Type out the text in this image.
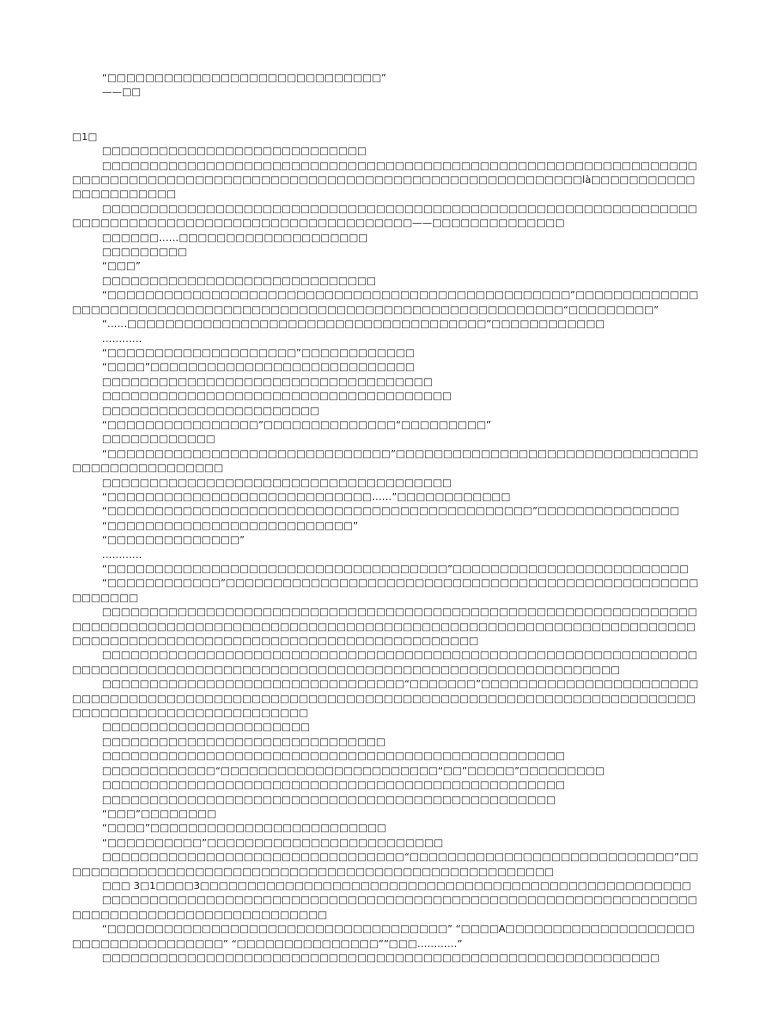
“□□□□□□□□□□□□□□□□□□□□□□□□□□□□□”

——□□

□1□

□□□□□□□□□□□□□□□□□□□□□□□□□□□□

□□□□□□□□□□□□□□□□□□□□□□□□□□□□□□□□□□□□□□□□□□□□□□□□□□□□□□□□□□□□□□□□□□□□□□□□□□□□□□□□□□□□□□□□□□□□□□□□□□□□□□□□□□□□□□□□□□□□□là□□□□□□□□□□□□□□□□□□□□□□

□□□□□□□□□□□□□□□□□□□□□□□□□□□□□□□□□□□□□□□□□□□□□□□□□□□□□□□□□□□□□□□□□□□□□□□□□□□□□□□□□□□□□□□□□□□□□□□□□□□——□□□□□□□□□□□□□□

□□□□□□……□□□□□□□□□□□□□□□□□□□□

□□□□□□□□□

“□□□”

□□□□□□□□□□□□□□□□□□□□□□□□□□□□□

“□□□□□□□□□□□□□□□□□□□□□□□□□□□□□□□□□□□□□□□□□□□□□□□□□”□□□□□□□□□□□□□□□□□□□□□□□□□□□□□□□□□□□□□□□□□□□□□□□□□□□□□□□□□□□□□□□□□“□□□□□□□□□”

“……□□□□□□□□□□□□□□□□□□□□□□□□□□□□□□□□□□□□□□”□□□□□□□□□□□□

…………

“□□□□□□□□□□□□□□□□□□□□”□□□□□□□□□□□□

“□□□□”□□□□□□□□□□□□□□□□□□□□□□□□□□□□

□□□□□□□□□□□□□□□□□□□□□□□□□□□□□□□□□□□

□□□□□□□□□□□□□□□□□□□□□□□□□□□□□□□□□□□□□

□□□□□□□□□□□□□□□□□□□□□□□

“□□□□□□□□□□□□□□□□”□□□□□□□□□□□□□□“□□□□□□□□□”

□□□□□□□□□□□□

“□□□□□□□□□□□□□□□□□□□□□□□□□□□□□□”□□□□□□□□□□□□□□□□□□□□□□□□□□□□□□□□□□□□□□□□□□□□□□□□

□□□□□□□□□□□□□□□□□□□□□□□□□□□□□□□□□□□□□

“□□□□□□□□□□□□□□□□□□□□□□□□□□□□……”□□□□□□□□□□□□

“□□□□□□□□□□□□□□□□□□□□□□□□□□□□□□□□□□□□□□□□□□□□□”□□□□□□□□□□□□□□□

“□□□□□□□□□□□□□□□□□□□□□□□□□□”

“□□□□□□□□□□□□□□”

…………

“□□□□□□□□□□□□□□□□□□□□□□□□□□□□□□□□□□□□”□□□□□□□□□□□□□□□□□□□□□□□□□

“□□□□□□□□□□□□”□□□□□□□□□□□□□□□□□□□□□□□□□□□□□□□□□□□□□□□□□□□□□□□□□□□□□□□□□

□□□□□□□□□□□□□□□□□□□□□□□□□□□□□□□□□□□□□□□□□□□□□□□□□□□□□□□□□□□□□□□□□□□□□□□□□□□□□□□□□□□□□□□□□□□□□□□□□□□□□□□□□□□□□□□□□□□□□□□□□□□□□□□□□□□□□□□□□□□□□□□□□□□□□□□□□□□□□□□□□□□□□□□□□□□□

□□□□□□□□□□□□□□□□□□□□□□□□□□□□□□□□□□□□□□□□□□□□□□□□□□□□□□□□□□□□□□□□□□□□□□□□□□□□□□□□□□□□□□□□□□□□□□□□□□□□□□□□□□□□□□□□□□□□□□□□□

□□□□□□□□□□□□□□□□□□□□□□□□□□□□□□□□“□□□□□□□”□□□□□□□□□□□□□□□□□□□□□□□□□□□□□□□□□□□□□□□□□□□□□□□□□□□□□□□□□□□□□□□□□□□□□□□□□□□□□□□□□□□□□□□□□□□□□□□□□□□□□□□□□□□□□□□□□□

□□□□□□□□□□□□□□□□□□□□□□

□□□□□□□□□□□□□□□□□□□□□□□□□□□□□□

□□□□□□□□□□□□□□□□□□□□□□□□□□□□□□□□□□□□□□□□□□□□□□□□□

□□□□□□□□□□□□“□□□□□□□□□□□□□□□□□□□□□□□“□□”□□□□□”□□□□□□□□□

□□□□□□□□□□□□□□□□□□□□□□□□□□□□□□□□□□□□□□□□□□□□□□□□□

□□□□□□□□□□□□□□□□□□□□□□□□□□□□□□□□□□□□□□□□□□□□□□□□

“□□□”□□□□□□□□

“□□□□”□□□□□□□□□□□□□□□□□□□□□□□□□

“□□□□□□□□□□”□□□□□□□□□□□□□□□□□□□□□□□□□

□□□□□□□□□□□□□□□□□□□□□□□□□□□□□□□□“□□□□□□□□□□□□□□□□□□□□□□□□□□□□”□□□□□□□□□□□□□□□□□□□□□□□□□□□□□□□□□□□□□□□□□□□□□□□□□□□□□

□□□ 3□1□□□□3□□□□□□□□□□□□□□□□□□□□□□□□□□□□□□□□□□□□□□□□□□□□□□□□□□□□

□□□□□□□□□□□□□□□□□□□□□□□□□□□□□□□□□□□□□□□□□□□□□□□□□□□□□□□□□□□□□□□□□□□□□□□□□□□□□□□□□□□□□□□□□□

“□□□□□□□□□□□□□□□□□□□□□□□□□□□□□□□□□□□□” “□□□□A□□□□□□□□□□□□□□□□□□□□□□□□□□□□□□□□□□□□” “□□□□□□□□□□□□□□□””□□□…………”

□□□□□□□□□□□□□□□□□□□□□□□□□□□□□□□□□□□□□□□□□□□□□□□□□□□□□□□□□□□
